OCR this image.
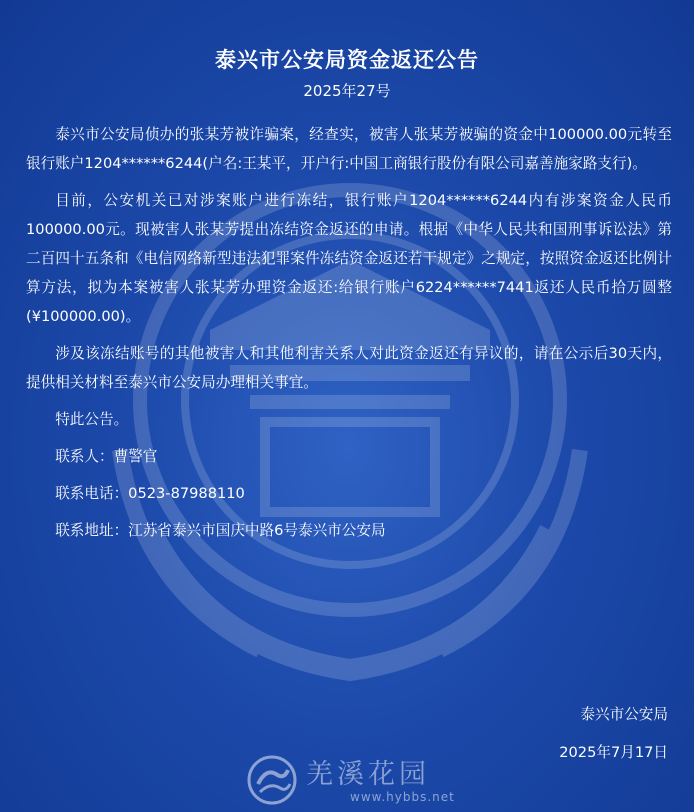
泰兴市公安局资金返还公告
2025年27号

泰兴市公安局侦办的张某芳被诈骗案，经查实，被害人张某芳被骗的资金中100000.00元转至银行账户1204******6244(户名:王某平，开户行:中国工商银行股份有限公司嘉善施家路支行)。

目前，公安机关已对涉案账户进行冻结，银行账户1204******6244内有涉案资金人民币100000.00元。现被害人张某芳提出冻结资金返还的申请。根据《中华人民共和国刑事诉讼法》第二百四十五条和《电信网络新型违法犯罪案件冻结资金返还若干规定》之规定，按照资金返还比例计算方法，拟为本案被害人张某芳办理资金返还:给银行账户6224******7441返还人民币拾万圆整(¥100000.00)。

涉及该冻结账号的其他被害人和其他利害关系人对此资金返还有异议的，请在公示后30天内，提供相关材料至泰兴市公安局办理相关事宜。

特此公告。

联系人：曹警官

联系电话：0523-87988110

联系地址：江苏省泰兴市国庆中路6号泰兴市公安局

泰兴市公安局
2025年7月17日
羌溪花园
www.hybbs.net
